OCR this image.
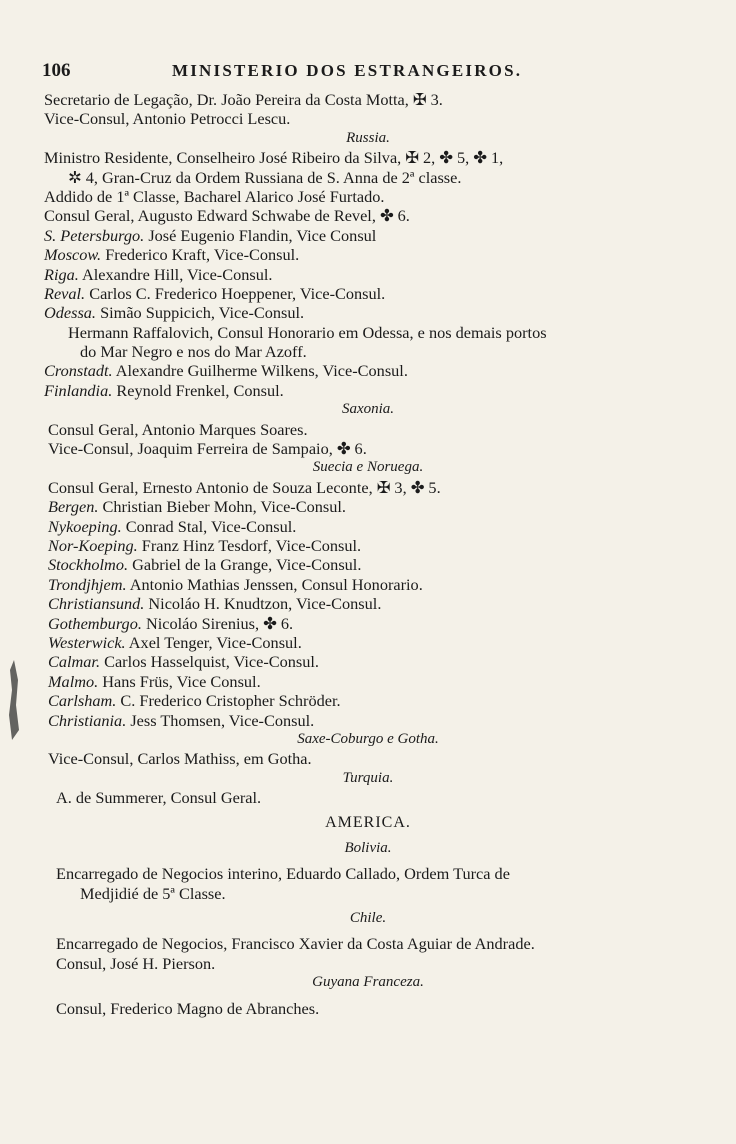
106	MINISTERIO DOS ESTRANGEIROS.
Secretario de Legação, Dr. João Pereira da Costa Motta, ✠ 3.
Vice-Consul, Antonio Petrocci Lescu.
Russia.
Ministro Residente, Conselheiro José Ribeiro da Silva, ✠ 2, ✤ 5, ✤ 1,
✲ 4, Gran-Cruz da Ordem Russiana de S. Anna de 2ª classe.
Addido de 1ª Classe, Bacharel Alarico José Furtado.
Consul Geral, Augusto Edward Schwabe de Revel, ✤ 6.
S. Petersburgo. José Eugenio Flandin, Vice Consul
Moscow. Frederico Kraft, Vice-Consul.
Riga. Alexandre Hill, Vice-Consul.
Reval. Carlos C. Frederico Hoeppener, Vice-Consul.
Odessa. Simão Suppicich, Vice-Consul.
Hermann Raffalovich, Consul Honorario em Odessa, e nos demais portos
do Mar Negro e nos do Mar Azoff.
Cronstadt. Alexandre Guilherme Wilkens, Vice-Consul.
Finlandia. Reynold Frenkel, Consul.
Saxonia.
Consul Geral, Antonio Marques Soares.
Vice-Consul, Joaquim Ferreira de Sampaio, ✤ 6.
Suecia e Noruega.
Consul Geral, Ernesto Antonio de Souza Leconte, ✠ 3, ✤ 5.
Bergen. Christian Bieber Mohn, Vice-Consul.
Nykoeping. Conrad Stal, Vice-Consul.
Nor-Koeping. Franz Hinz Tesdorf, Vice-Consul.
Stockholmo. Gabriel de la Grange, Vice-Consul.
Trondjhjem. Antonio Mathias Jenssen, Consul Honorario.
Christiansund. Nicoláo H. Knudtzon, Vice-Consul.
Gothemburgo. Nicoláo Sirenius, ✤ 6.
Westerwick. Axel Tenger, Vice-Consul.
Calmar. Carlos Hasselquist, Vice-Consul.
Malmo. Hans Früs, Vice Consul.
Carlsham. C. Frederico Cristopher Schröder.
Christiania. Jess Thomsen, Vice-Consul.
Saxe-Coburgo e Gotha.
Vice-Consul, Carlos Mathiss, em Gotha.
Turquia.
A. de Summerer, Consul Geral.
AMERICA.
Bolivia.
Encarregado de Negocios interino, Eduardo Callado, Ordem Turca de
Medjidié de 5ª Classe.
Chile.
Encarregado de Negocios, Francisco Xavier da Costa Aguiar de Andrade.
Consul, José H. Pierson.
Guyana Franceza.
Consul, Frederico Magno de Abranches.
